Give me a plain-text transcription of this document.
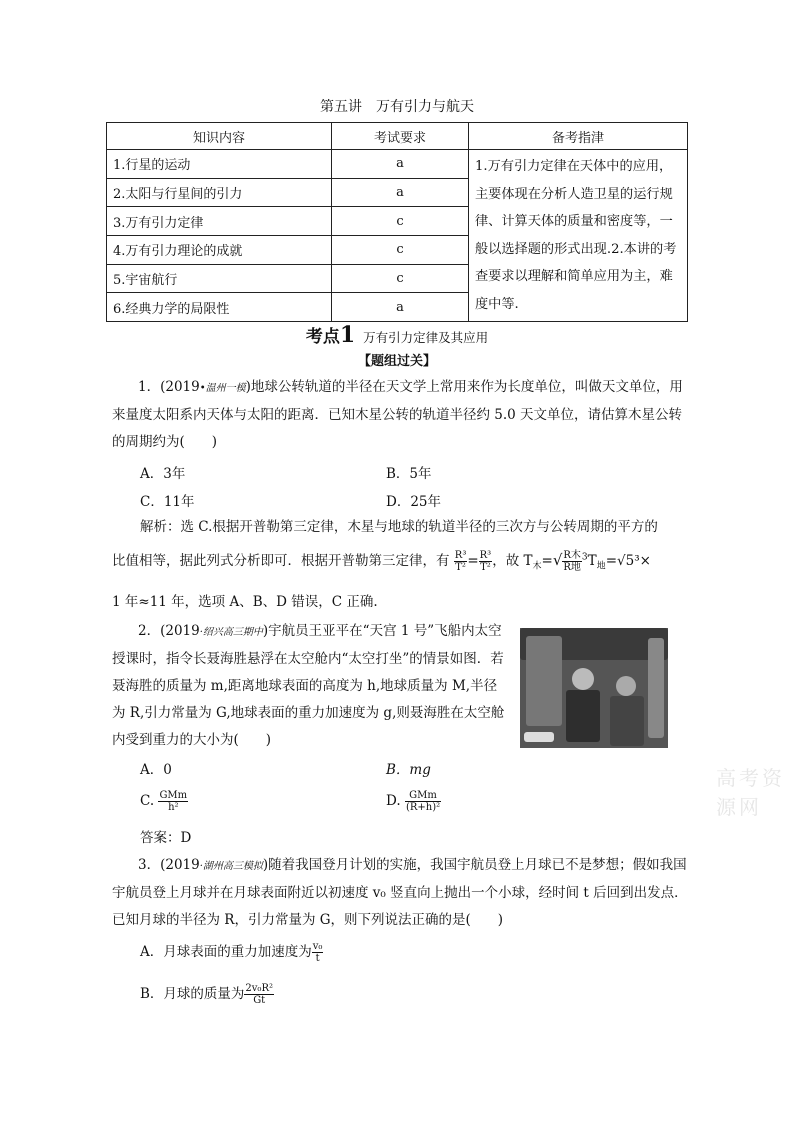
第五讲　万有引力与航天
知识内容	考试要求	备考指津
1.行星的运动	a	1.万有引力定律在天体中的应用，主要体现在分析人造卫星的运行规律、计算天体的质量和密度等，一般以选择题的形式出现.2.本讲的考查要求以理解和简单应用为主，难度中等.
2.太阳与行星间的引力	a	
3.万有引力定律	c	
4.万有引力理论的成就	c	
5.宇宙航行	c	
6.经典力学的局限性	a	
考点1 万有引力定律及其应用
【题组过关】
1．(2019•温州一模)地球公转轨道的半径在天文学上常用来作为长度单位，叫做天文单位，用来量度太阳系内天体与太阳的距离．已知木星公转的轨道半径约 5.0 天文单位，请估算木星公转的周期约为(　　)
A．3年	B．5年
C．11年	D．25年
解析：选 C.根据开普勒第三定律，木星与地球的轨道半径的三次方与公转周期的平方的
比值相等，据此列式分析即可．根据开普勒第三定律，有 $\frac{\text{R³}}{\text{T²}} = \frac{\text{R³}}{\text{T²}}$ ，故 $T_木=√ \frac{\text{R木}}{\text{R地}} ^3T_地=√5^3\times$
1 年≈11 年，选项 A、B、D 错误，C 正确.
2．(2019·绍兴高三期中)宇航员王亚平在“天宫 1 号”飞船内太空授课时，指令长聂海胜悬浮在太空舱内“太空打坐”的情景如图．若聂海胜的质量为 m,距离地球表面的高度为 h,地球质量为 M,半径为 R,引力常量为 G,地球表面的重力加速度为 g,则聂海胜在太空舱内受到重力的大小为(　　)
A．0	B．mg
C. $\frac{\text{GMm}}{\text{h²}}$	D. $\frac{\text{GMm}}{\text{(R+h)²}}$
答案：D
3．(2019·湖州高三模拟)随着我国登月计划的实施，我国宇航员登上月球已不是梦想；假如我国宇航员登上月球并在月球表面附近以初速度 v₀ 竖直向上抛出一个小球，经时间 t 后回到出发点．已知月球的半径为 R，引力常量为 G，则下列说法正确的是(　　)
A．月球表面的重力加速度为 $\frac{\text{v₀}}{t}$
B．月球的质量为 $\frac{\text{2v₀R²}}{Gt}$
高考资源网
